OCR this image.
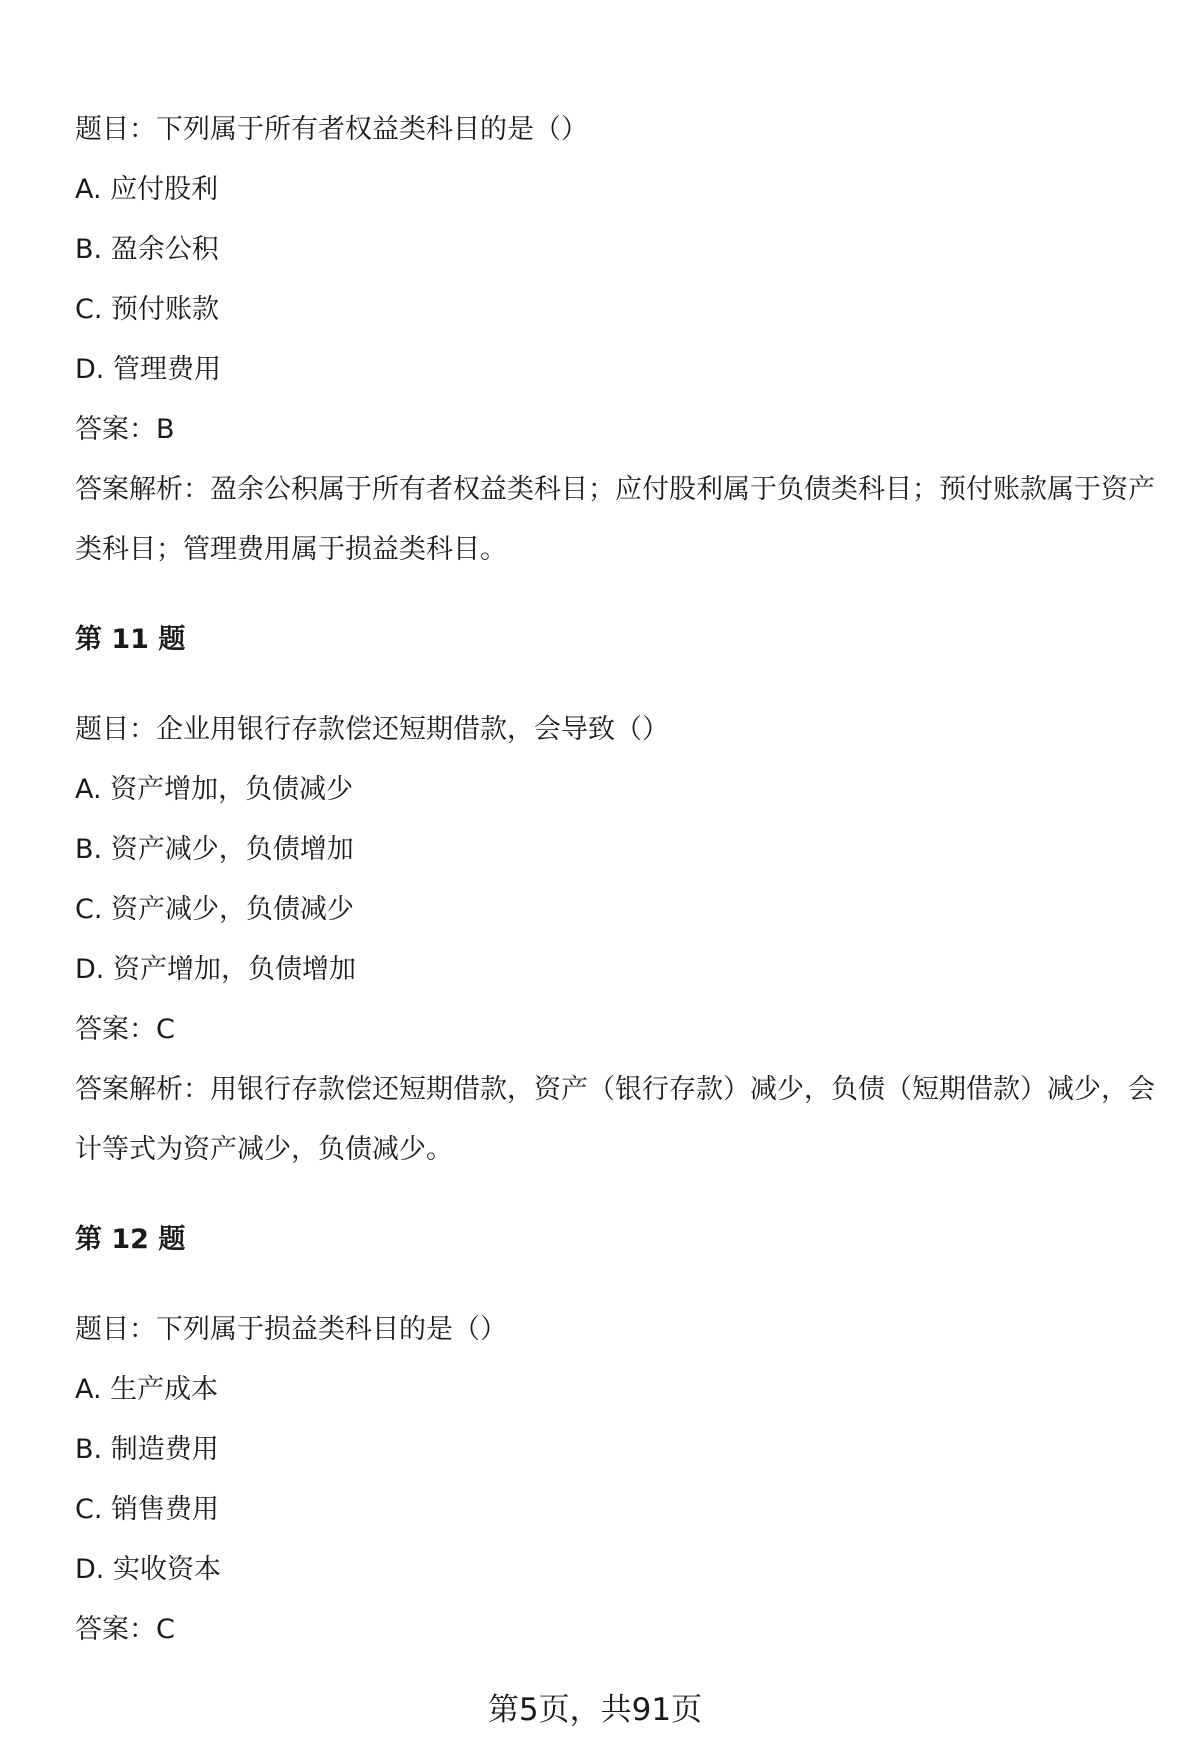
题目：下列属于所有者权益类科目的是（）
A. 应付股利
B. 盈余公积
C. 预付账款
D. 管理费用
答案：B
答案解析：盈余公积属于所有者权益类科目；应付股利属于负债类科目；预付账款属于资产类科目；管理费用属于损益类科目。
第 11 题
题目：企业用银行存款偿还短期借款，会导致（）
A. 资产增加，负债减少
B. 资产减少，负债增加
C. 资产减少，负债减少
D. 资产增加，负债增加
答案：C
答案解析：用银行存款偿还短期借款，资产（银行存款）减少，负债（短期借款）减少，会计等式为资产减少，负债减少。
第 12 题
题目：下列属于损益类科目的是（）
A. 生产成本
B. 制造费用
C. 销售费用
D. 实收资本
答案：C
第5页，共91页
